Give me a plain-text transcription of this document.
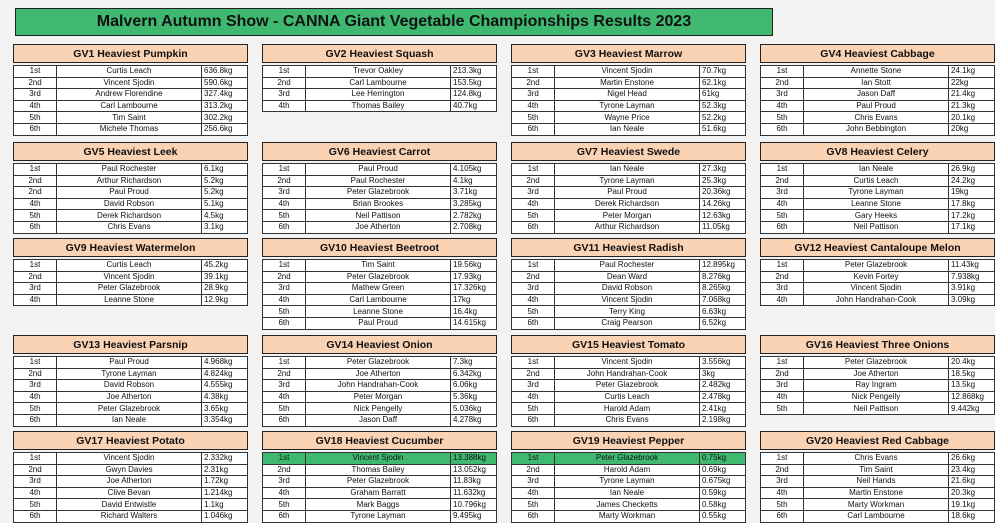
Malvern Autumn Show - CANNA Giant Vegetable Championships Results 2023
GV1 Heaviest Pumpkin
1st	Curtis Leach	636.8kg
2nd	Vincent Sjodin	590.6kg
3rd	Andrew Florendine	327.4kg
4th	Carl Lambourne	313.2kg
5th	Tim Saint	302.2kg
6th	Michele Thomas	256.6kg
GV2 Heaviest Squash
1st	Trevor Oakley	213.3kg
2nd	Carl Lambourne	153.5kg
3rd	Lee Herrington	124.8kg
4th	Thomas Bailey	40.7kg
GV3 Heaviest Marrow
1st	Vincent Sjodin	70.7kg
2nd	Martin Enstone	62.1kg
3rd	Nigel Head	61kg
4th	Tyrone Layman	52.3kg
5th	Wayne Price	52.2kg
6th	Ian Neale	51.6kg
GV4 Heaviest Cabbage
1st	Annette Stone	24.1kg
2nd	Ian Stott	22kg
3rd	Jason Daff	21.4kg
4th	Paul Proud	21.3kg
5th	Chris Evans	20.1kg
6th	John Bebbington	20kg
GV5 Heaviest Leek
1st	Paul Rochester	6.1kg
2nd	Arthur Richardson	5.2kg
2nd	Paul Proud	5.2kg
4th	David Robson	5.1kg
5th	Derek Richardson	4.5kg
6th	Chris Evans	3.1kg
GV6 Heaviest Carrot
1st	Paul Proud	4.105kg
2nd	Paul Rochester	4.1kg
3rd	Peter Glazebrook	3.71kg
4th	Brian Brookes	3.285kg
5th	Neil Pattison	2.782kg
6th	Joe Atherton	2.708kg
GV7 Heaviest Swede
1st	Ian Neale	27.3kg
2nd	Tyrone Layman	25.3kg
3rd	Paul Proud	20.36kg
4th	Derek Richardson	14.26kg
5th	Peter Morgan	12.63kg
6th	Arthur Richardson	11.05kg
GV8 Heaviest Celery
1st	Ian Neale	26.9kg
2nd	Curtis Leach	24.2kg
3rd	Tyrone Layman	19kg
4th	Leanne Stone	17.8kg
5th	Gary Heeks	17.2kg
6th	Neil Pattison	17.1kg
GV9 Heaviest Watermelon
1st	Curtis Leach	45.2kg
2nd	Vincent Sjodin	39.1kg
3rd	Peter Glazebrook	28.9kg
4th	Leanne Stone	12.9kg
GV10 Heaviest Beetroot
1st	Tim Saint	19.56kg
2nd	Peter Glazebrook	17.93kg
3rd	Mathew Green	17.326kg
4th	Carl Lambourne	17kg
5th	Leanne Stone	16.4kg
6th	Paul Proud	14.615kg
GV11 Heaviest Radish
1st	Paul Rochester	12.895kg
2nd	Dean Ward	8.276kg
3rd	David Robson	8.265kg
4th	Vincent Sjodin	7.068kg
5th	Terry King	6.63kg
6th	Craig Pearson	6.52kg
GV12 Heaviest Cantaloupe Melon
1st	Peter Glazebrook	11.43kg
2nd	Kevin Fortey	7.938kg
3rd	Vincent Sjodin	3.91kg
4th	John Handrahan-Cook	3.09kg
GV13 Heaviest Parsnip
1st	Paul Proud	4.968kg
2nd	Tyrone Layman	4.824kg
3rd	David Robson	4.555kg
4th	Joe Atherton	4.38kg
5th	Peter Glazebrook	3.65kg
6th	Ian Neale	3.354kg
GV14 Heaviest Onion
1st	Peter Glazebrook	7.3kg
2nd	Joe Atherton	6.342kg
3rd	John Handrahan-Cook	6.06kg
4th	Peter Morgan	5.36kg
5th	Nick Pengelly	5.036kg
6th	Jason Daff	4.278kg
GV15 Heaviest Tomato
1st	Vincent Sjodin	3.556kg
2nd	John Handrahan-Cook	3kg
3rd	Peter Glazebrook	2.482kg
4th	Curtis Leach	2.478kg
5th	Harold Adam	2.41kg
6th	Chris Evans	2.198kg
GV16 Heaviest Three Onions
1st	Peter Glazebrook	20.4kg
2nd	Joe Atherton	18.5kg
3rd	Ray Ingram	13.5kg
4th	Nick Pengelly	12.868kg
5th	Neil Pattison	9.442kg
GV17 Heaviest Potato
1st	Vincent Sjodin	2.332kg
2nd	Gwyn Davies	2.31kg
3rd	Joe Atherton	1.72kg
4th	Clive Bevan	1.214kg
5th	David Entwistle	1.1kg
6th	Richard Walters	1.046kg
GV18 Heaviest Cucumber
1st	Vincent Sjodin	13.388kg
2nd	Thomas Bailey	13.052kg
3rd	Peter Glazebrook	11.83kg
4th	Graham Barratt	11.632kg
5th	Mark Baggs	10.796kg
6th	Tyrone Layman	9.495kg
GV19 Heaviest Pepper
1st	Peter Glazebrook	0.75kg
2nd	Harold Adam	0.69kg
3rd	Tyrone Layman	0.675kg
4th	Ian Neale	0.59kg
5th	James Checketts	0.58kg
6th	Marty Workman	0.55kg
GV20 Heaviest Red Cabbage
1st	Chris Evans	26.6kg
2nd	Tim Saint	23.4kg
3rd	Neil Hands	21.6kg
4th	Martin Enstone	20.3kg
5th	Marty Workman	19.1kg
6th	Carl Lambourne	18.6kg
